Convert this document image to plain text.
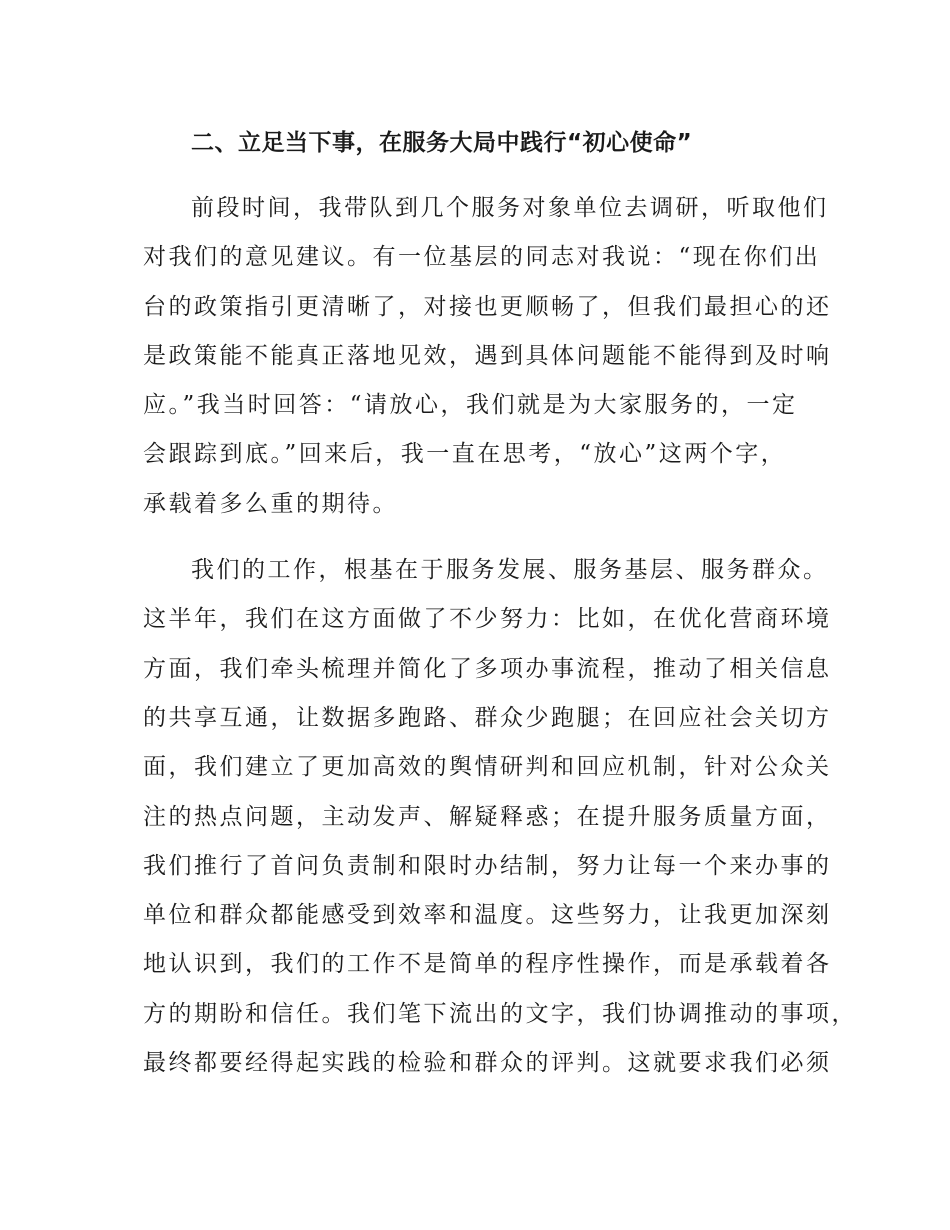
二、立足当下事，在服务大局中践行“初心使命”
前段时间，我带队到几个服务对象单位去调研，听取他们
对我们的意见建议。有一位基层的同志对我说：“现在你们出
台的政策指引更清晰了，对接也更顺畅了，但我们最担心的还
是政策能不能真正落地见效，遇到具体问题能不能得到及时响
应。”我当时回答：“请放心，我们就是为大家服务的，一定
会跟踪到底。”回来后，我一直在思考，“放心”这两个字，
承载着多么重的期待。
我们的工作，根基在于服务发展、服务基层、服务群众。
这半年，我们在这方面做了不少努力：比如，在优化营商环境
方面，我们牵头梳理并简化了多项办事流程，推动了相关信息
的共享互通，让数据多跑路、群众少跑腿；在回应社会关切方
面，我们建立了更加高效的舆情研判和回应机制，针对公众关
注的热点问题，主动发声、解疑释惑；在提升服务质量方面，
我们推行了首问负责制和限时办结制，努力让每一个来办事的
单位和群众都能感受到效率和温度。这些努力，让我更加深刻
地认识到，我们的工作不是简单的程序性操作，而是承载着各
方的期盼和信任。我们笔下流出的文字，我们协调推动的事项，
最终都要经得起实践的检验和群众的评判。这就要求我们必须
